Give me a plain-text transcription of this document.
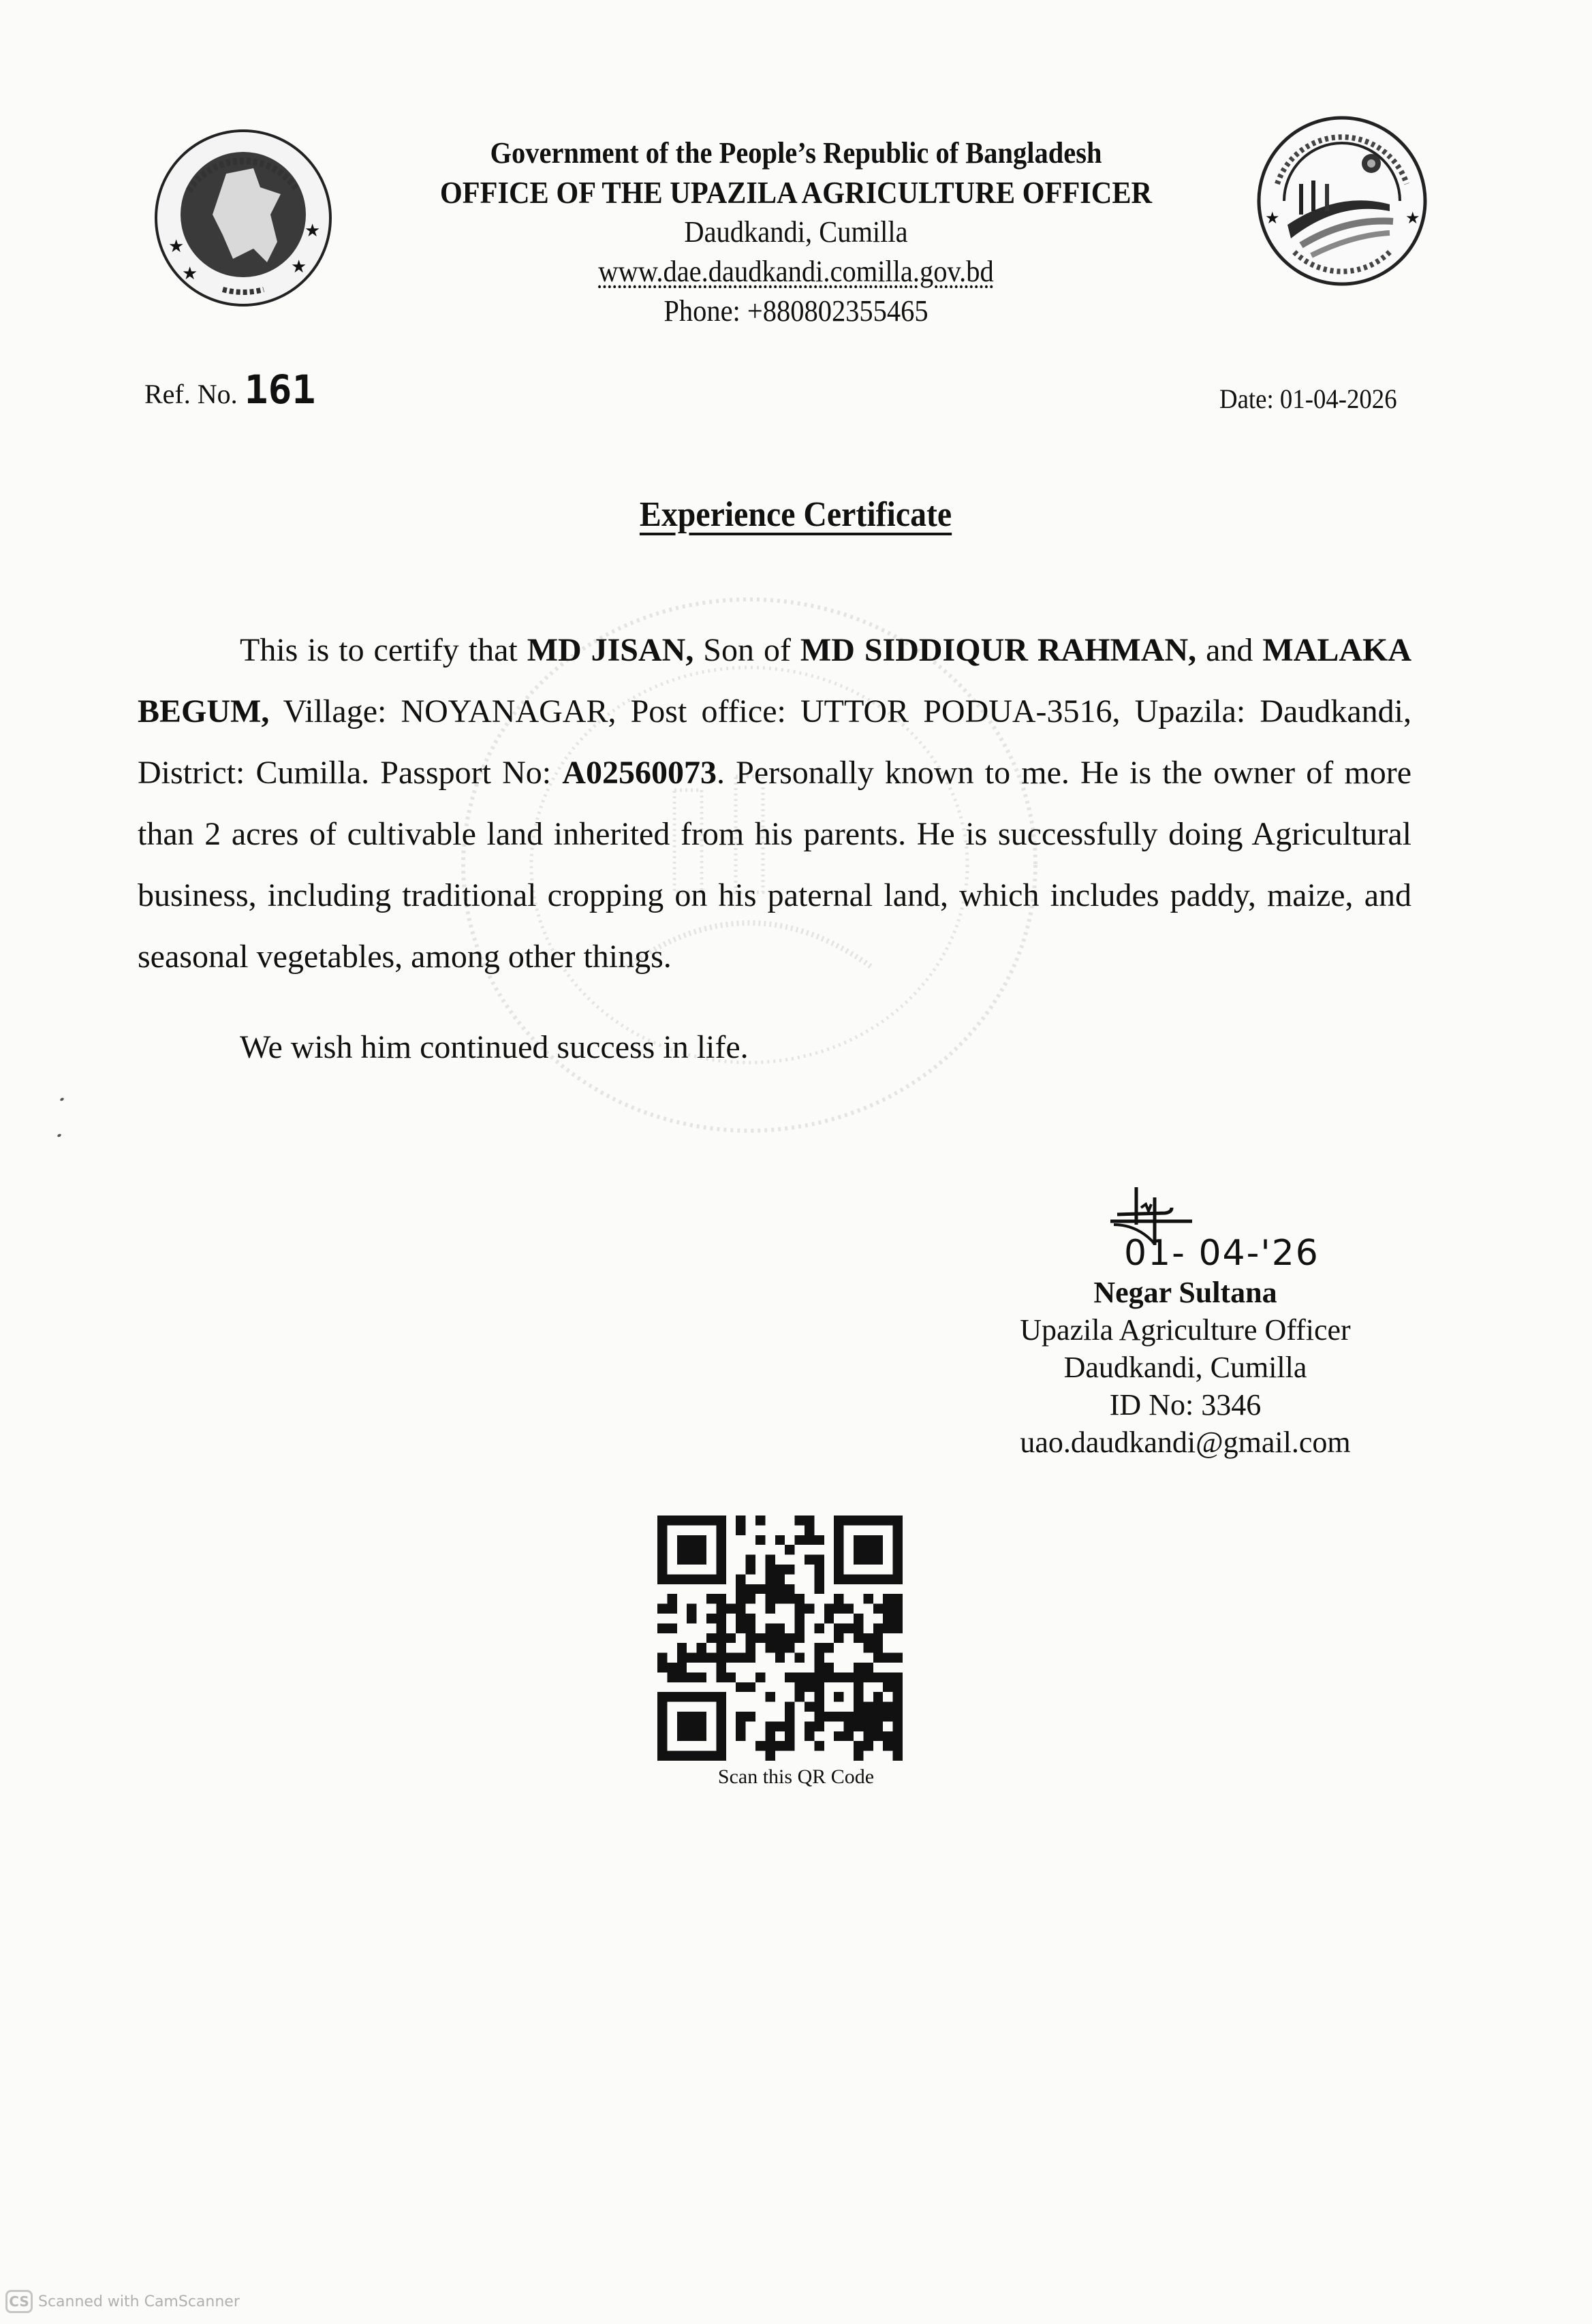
★
★
★	★
★	★
Government of the People’s Republic of Bangladesh
OFFICE OF THE UPAZILA AGRICULTURE OFFICER
Daudkandi, Cumilla
www.dae.daudkandi.comilla.gov.bd
Phone: +880802355465
Ref. No. 161	Date: 01-04-2026
Experience Certificate

This is to certify that MD JISAN, Son of MD SIDDIQUR RAHMAN, and MALAKA BEGUM, Village: NOYANAGAR, Post office: UTTOR PODUA-3516, Upazila: Daudkandi, District: Cumilla. Passport No: A02560073. Personally known to me. He is the owner of more than 2 acres of cultivable land inherited from his parents. He is successfully doing Agricultural business, including traditional cropping on his paternal land, which includes paddy, maize, and seasonal vegetables, among other things.

We wish him continued success in life.
01- 04-'26
Negar Sultana
Upazila Agriculture Officer
Daudkandi, Cumilla
ID No: 3346
uao.daudkandi@gmail.com
Scan this QR Code
CS Scanned with CamScanner
